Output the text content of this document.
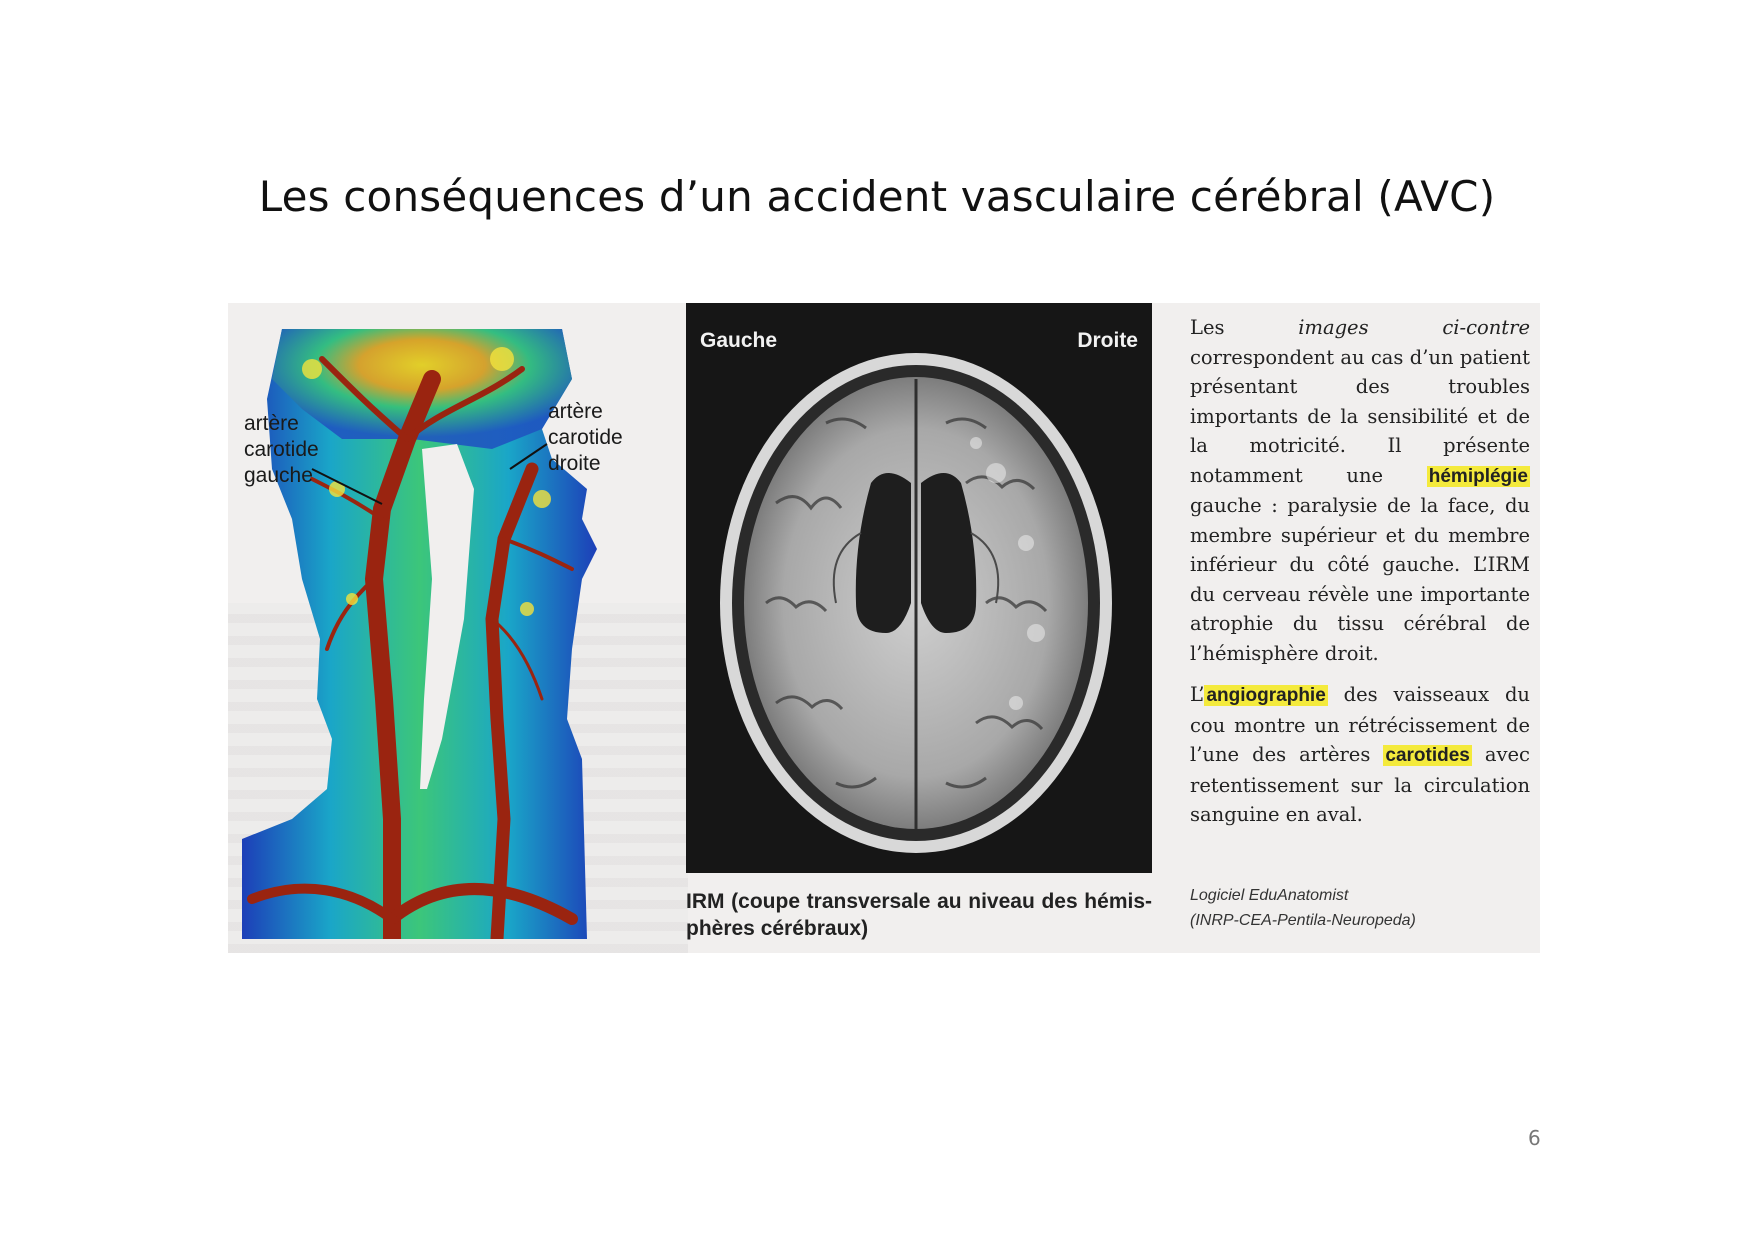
Les conséquences d’un accident vasculaire cérébral (AVC)
artère
carotide
gauche
artère
carotide
droite
Gauche	Droite
IRM (coupe transversale au niveau des hémis-phères cérébraux)

Les images ci-contre correspondent au cas d’un patient présentant des troubles importants de la sensibilité et de la motricité. Il présente notamment une hémiplégie gauche : paralysie de la face, du membre supérieur et du membre inférieur du côté gauche. L’IRM du cerveau révèle une importante atrophie du tissu cérébral de l’hémisphère droit.

L’ angiographie des vaisseaux du cou montre un rétrécissement de l’une des artères carotides avec retentissement sur la circulation sanguine en aval.

Logiciel EduAnatomist
(INRP-CEA-Pentila-Neuropeda)
6
